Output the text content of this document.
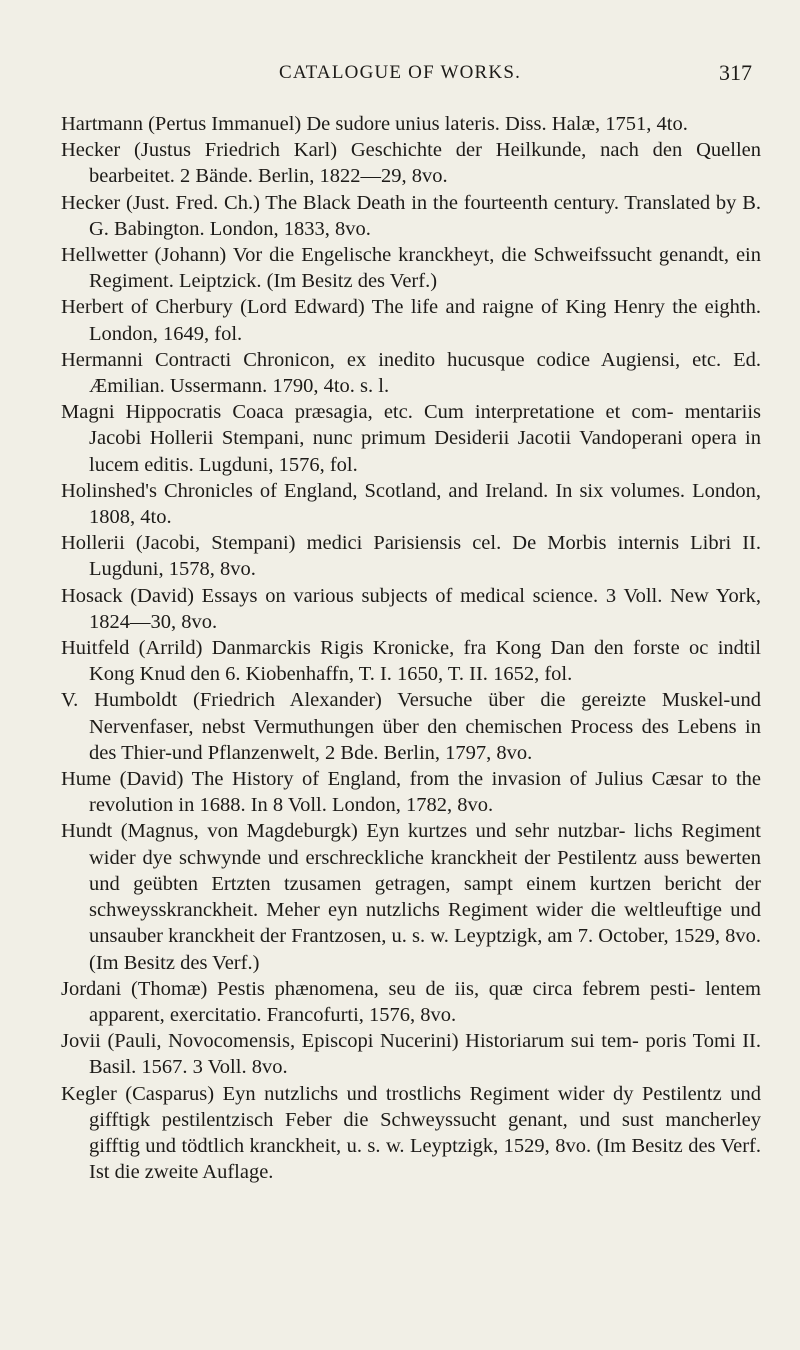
CATALOGUE OF WORKS.	317

Hartmann (Pertus Immanuel) De sudore unius lateris. Diss. Halæ, 1751, 4to.

Hecker (Justus Friedrich Karl) Geschichte der Heilkunde, nach den Quellen bearbeitet. 2 Bände. Berlin, 1822—29, 8vo.

Hecker (Just. Fred. Ch.) The Black Death in the fourteenth century. Translated by B. G. Babington. London, 1833, 8vo.

Hellwetter (Johann) Vor die Engelische kranckheyt, die Schweifssucht genandt, ein Regiment. Leiptzick. (Im Besitz des Verf.)

Herbert of Cherbury (Lord Edward) The life and raigne of King Henry the eighth. London, 1649, fol.

Hermanni Contracti Chronicon, ex inedito hucusque codice Augiensi, etc. Ed. Æmilian. Ussermann. 1790, 4to. s. l.

Magni Hippocratis Coaca præsagia, etc. Cum interpretatione et com- mentariis Jacobi Hollerii Stempani, nunc primum Desiderii Jacotii Vandoperani opera in lucem editis. Lugduni, 1576, fol.

Holinshed's Chronicles of England, Scotland, and Ireland. In six volumes. London, 1808, 4to.

Hollerii (Jacobi, Stempani) medici Parisiensis cel. De Morbis internis Libri II. Lugduni, 1578, 8vo.

Hosack (David) Essays on various subjects of medical science. 3 Voll. New York, 1824—30, 8vo.

Huitfeld (Arrild) Danmarckis Rigis Kronicke, fra Kong Dan den forste oc indtil Kong Knud den 6. Kiobenhaffn, T. I. 1650, T. II. 1652, fol.

V. Humboldt (Friedrich Alexander) Versuche über die gereizte Muskel-und Nervenfaser, nebst Vermuthungen über den chemischen Process des Lebens in des Thier-und Pflanzenwelt, 2 Bde. Berlin, 1797, 8vo.

Hume (David) The History of England, from the invasion of Julius Cæsar to the revolution in 1688. In 8 Voll. London, 1782, 8vo.

Hundt (Magnus, von Magdeburgk) Eyn kurtzes und sehr nutzbar- lichs Regiment wider dye schwynde und erschreckliche kranckheit der Pestilentz auss bewerten und geübten Ertzten tzusamen getragen, sampt einem kurtzen bericht der schweysskranckheit. Meher eyn nutzlichs Regiment wider die weltleuftige und unsauber kranckheit der Frantzosen, u. s. w. Leyptzigk, am 7. October, 1529, 8vo. (Im Besitz des Verf.)

Jordani (Thomæ) Pestis phænomena, seu de iis, quæ circa febrem pesti- lentem apparent, exercitatio. Francofurti, 1576, 8vo.

Jovii (Pauli, Novocomensis, Episcopi Nucerini) Historiarum sui tem- poris Tomi II. Basil. 1567. 3 Voll. 8vo.

Kegler (Casparus) Eyn nutzlichs und trostlichs Regiment wider dy Pestilentz und gifftigk pestilentzisch Feber die Schweyssucht genant, und sust mancherley gifftig und tödtlich kranckheit, u. s. w. Leyptzigk, 1529, 8vo. (Im Besitz des Verf. Ist die zweite Auflage.
